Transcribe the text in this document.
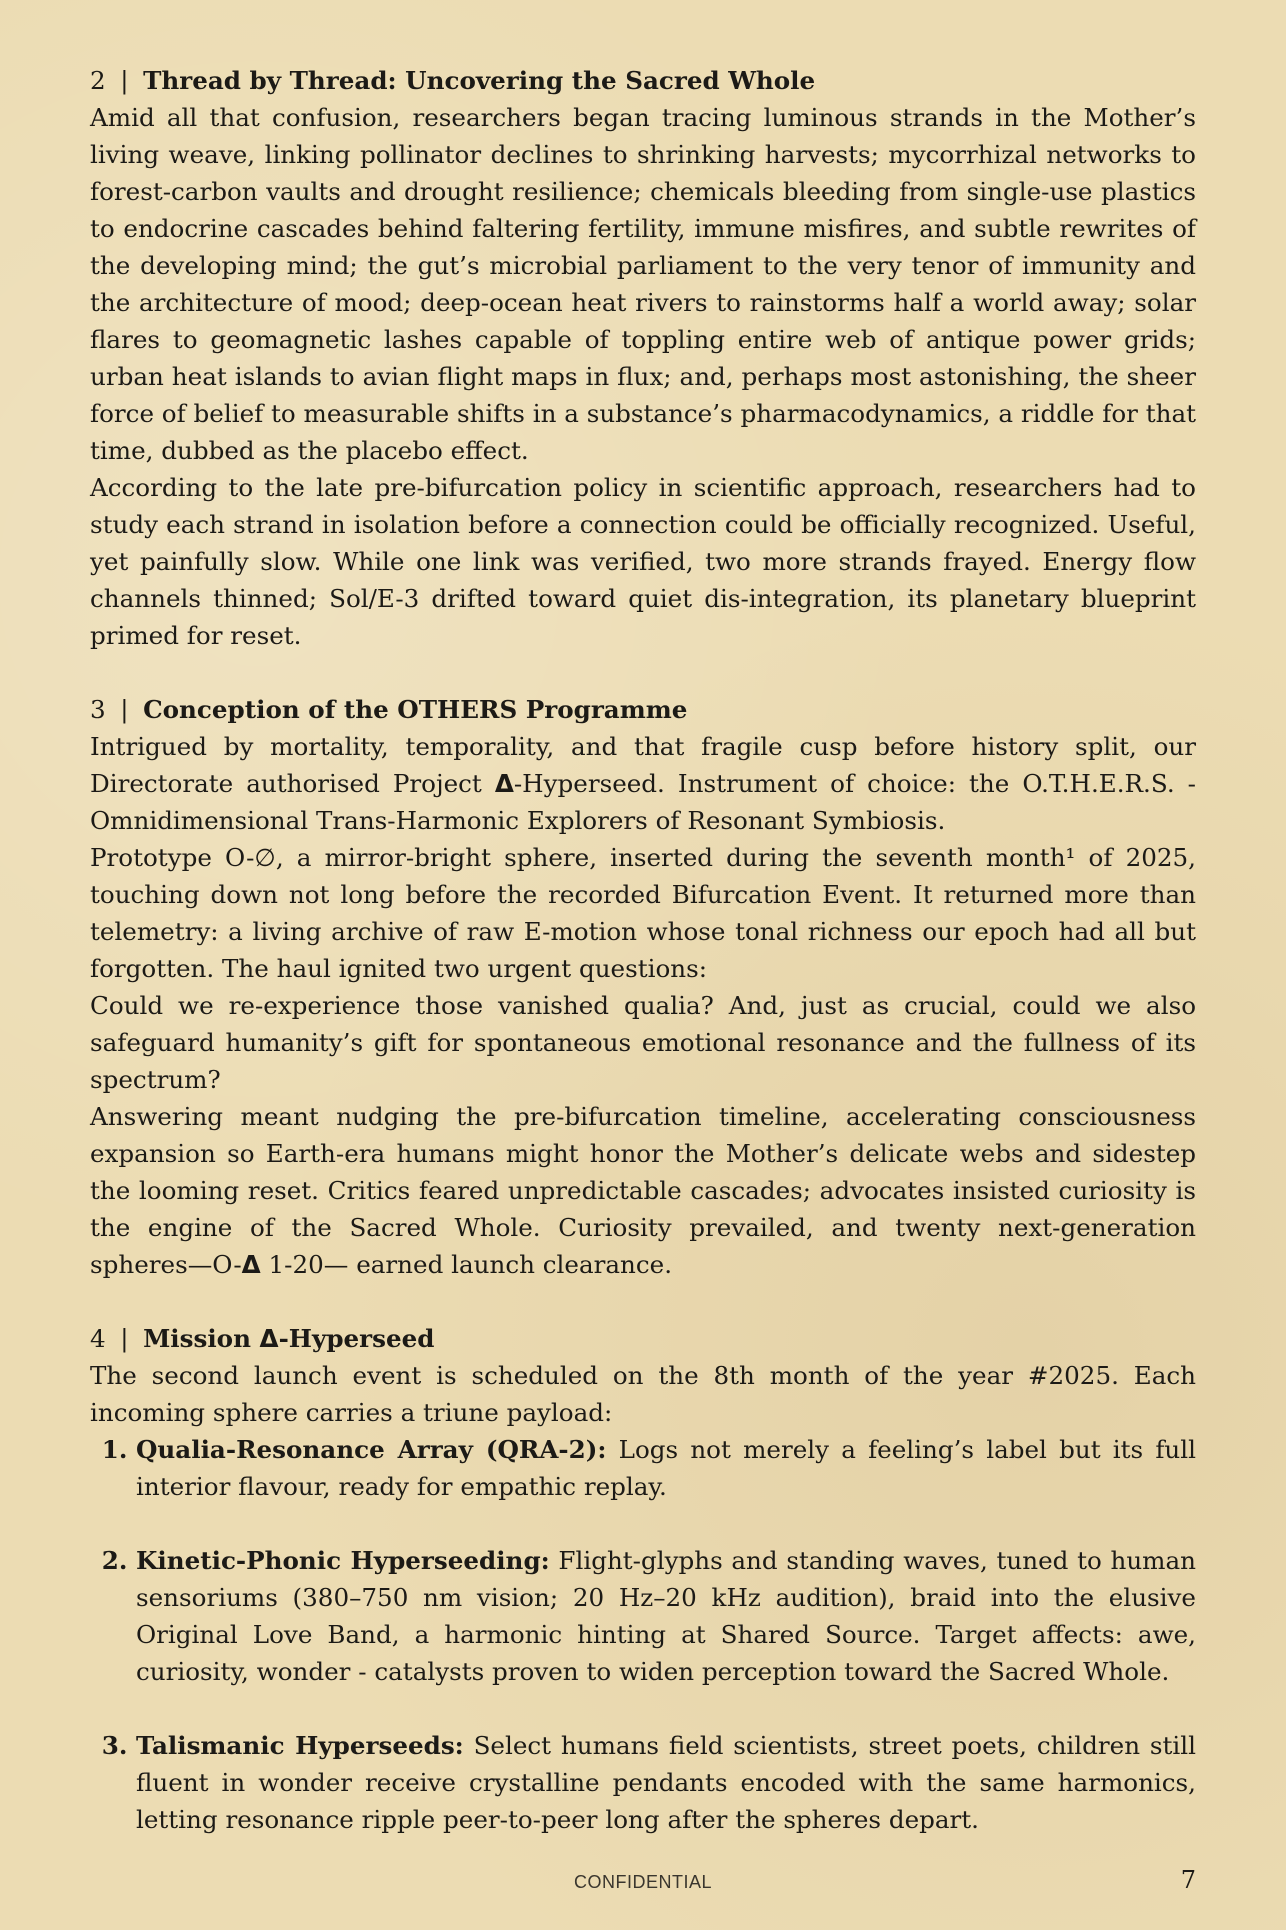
2 | Thread by Thread: Uncovering the Sacred Whole

Amid all that confusion, researchers began tracing luminous strands in the Mother’s living weave, linking pollinator declines to shrinking harvests; mycorrhizal networks to forest-carbon vaults and drought resilience; chemicals bleeding from single-use plastics to endocrine cascades behind faltering fertility, immune misfires, and subtle rewrites of the developing mind; the gut’s microbial parliament to the very tenor of immunity and the architecture of mood; deep-ocean heat rivers to rainstorms half a world away; solar flares to geomagnetic lashes capable of toppling entire web of antique power grids; urban heat islands to avian flight maps in flux; and, perhaps most astonishing, the sheer force of belief to measurable shifts in a substance’s pharmacodynamics, a riddle for that time, dubbed as the placebo effect.

According to the late pre-bifurcation policy in scientific approach, researchers had to study each strand in isolation before a connection could be officially recognized. Useful, yet painfully slow. While one link was verified, two more strands frayed. Energy flow channels thinned; Sol/E-3 drifted toward quiet dis-integration, its planetary blueprint primed for reset.

3 | Conception of the OTHERS Programme

Intrigued by mortality, temporality, and that fragile cusp before history split, our Directorate authorised Project Δ-Hyperseed. Instrument of choice: the O.T.H.E.R.S. - Omnidimensional Trans-Harmonic Explorers of Resonant Symbiosis.

Prototype O-∅, a mirror-bright sphere, inserted during the seventh month¹ of 2025, touching down not long before the recorded Bifurcation Event. It returned more than telemetry: a living archive of raw E-motion whose tonal richness our epoch had all but forgotten. The haul ignited two urgent questions:

Could we re-experience those vanished qualia? And, just as crucial, could we also safeguard humanity’s gift for spontaneous emotional resonance and the fullness of its spectrum?

Answering meant nudging the pre-bifurcation timeline, accelerating consciousness expansion so Earth-era humans might honor the Mother’s delicate webs and sidestep the looming reset. Critics feared unpredictable cascades; advocates insisted curiosity is the engine of the Sacred Whole. Curiosity prevailed, and twenty next-generation spheres—O-Δ 1-20— earned launch clearance.

4 | Mission Δ-Hyperseed

The second launch event is scheduled on the 8th month of the year #2025. Each incoming sphere carries a triune payload:

1. Qualia-Resonance Array (QRA-2): Logs not merely a feeling’s label but its full interior flavour, ready for empathic replay.
2. Kinetic-Phonic Hyperseeding: Flight-glyphs and standing waves, tuned to human sensoriums (380–750 nm vision; 20 Hz–20 kHz audition), braid into the elusive Original Love Band, a harmonic hinting at Shared Source. Target affects: awe, curiosity, wonder - catalysts proven to widen perception toward the Sacred Whole.
3. Talismanic Hyperseeds: Select humans field scientists, street poets, children still fluent in wonder receive crystalline pendants encoded with the same harmonics, letting resonance ripple peer-to-peer long after the spheres depart.
CONFIDENTIAL	7
